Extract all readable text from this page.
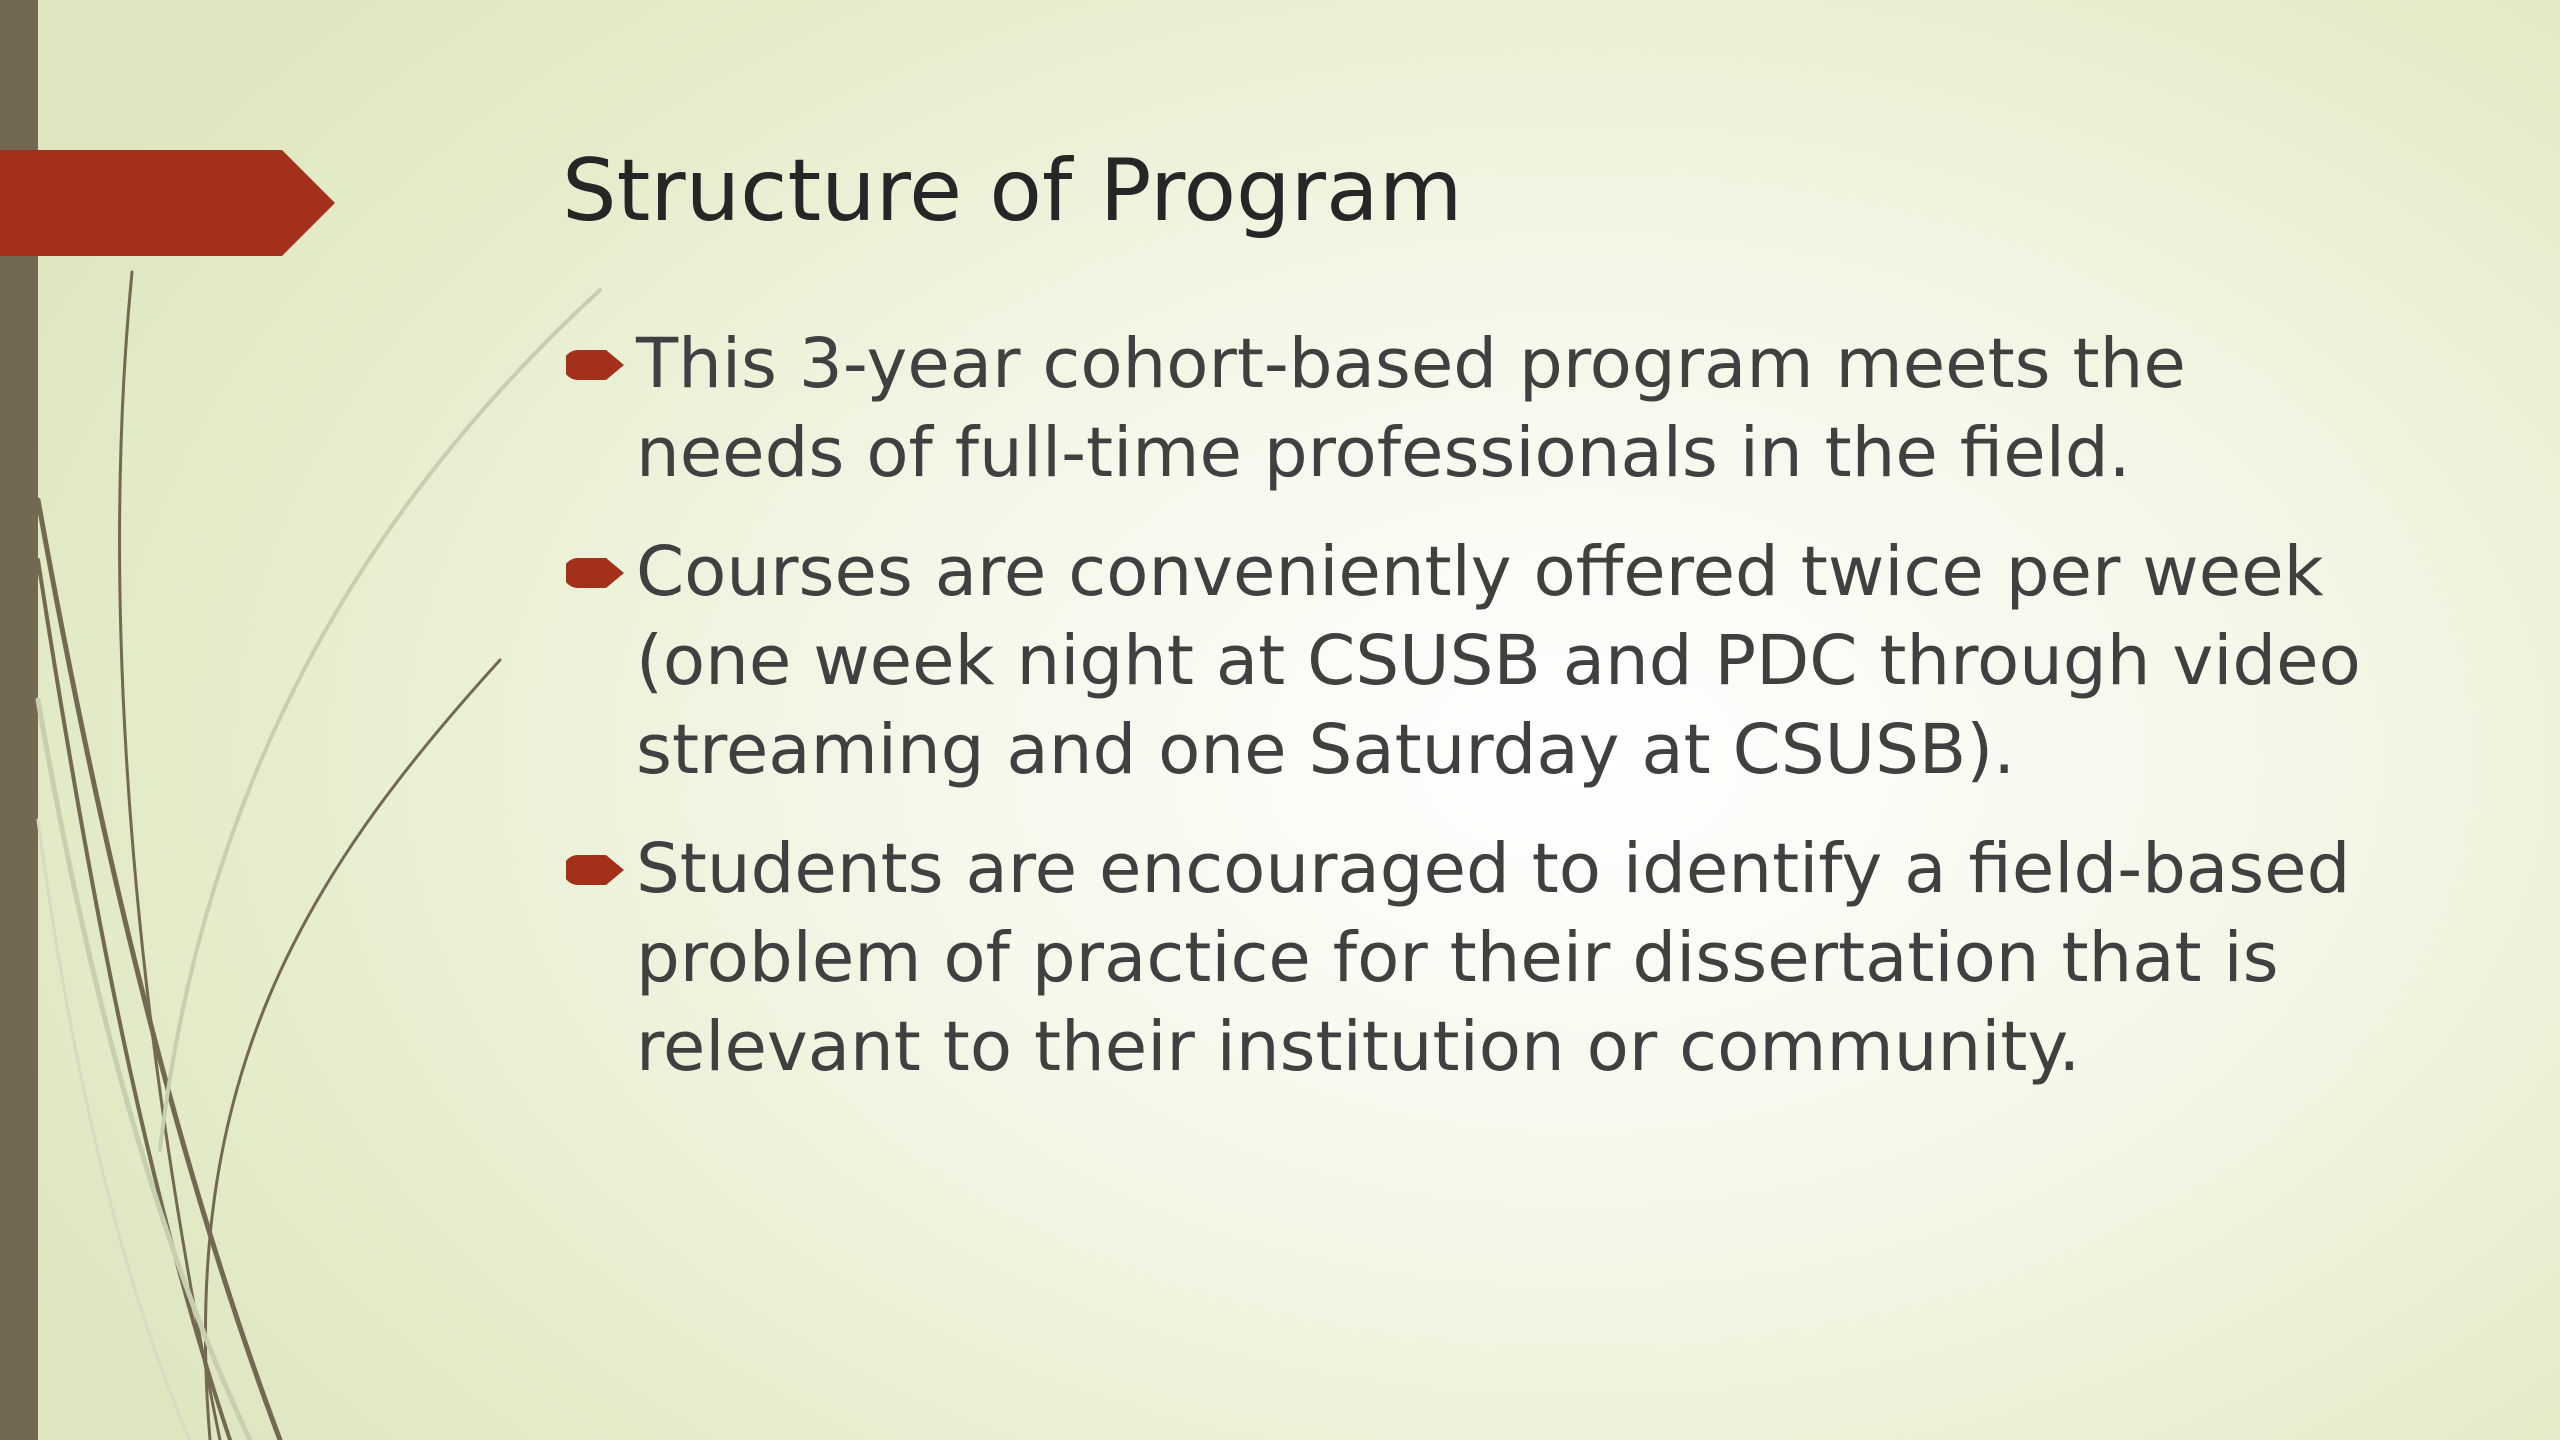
Structure of Program
This 3-year cohort-based program meets the needs of full-time professionals in the field.
Courses are conveniently offered twice per week (one week night at CSUSB and PDC through video streaming and one Saturday at CSUSB).
Students are encouraged to identify a field-based problem of practice for their dissertation that is relevant to their institution or community.
